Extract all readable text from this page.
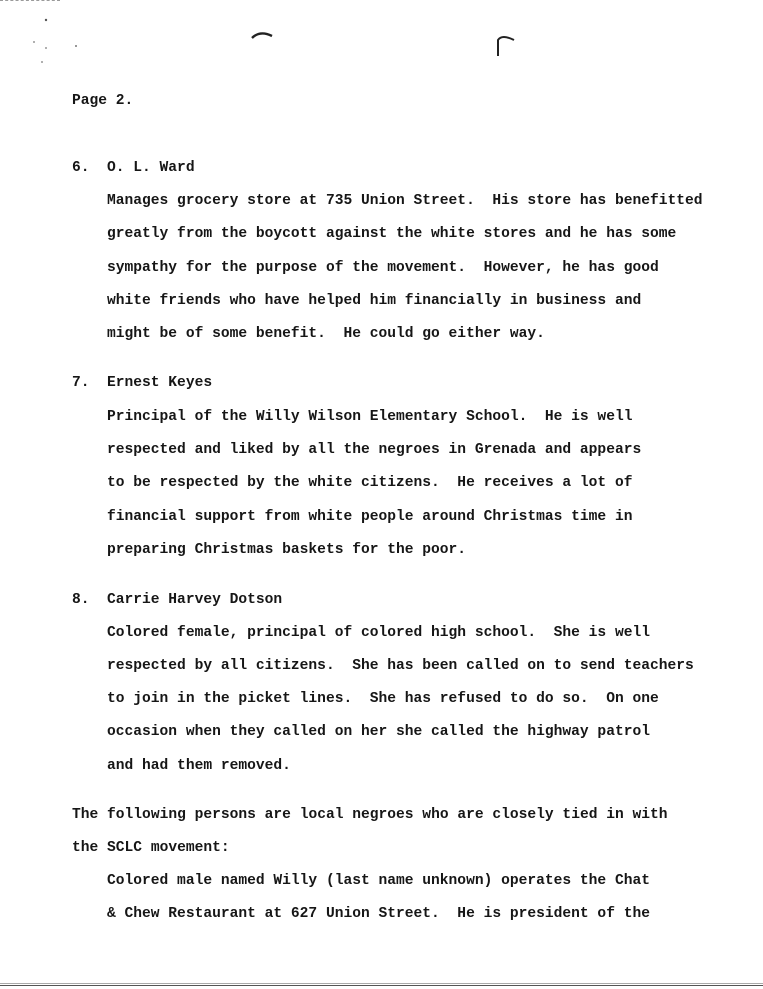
Page 2.
6. O. L. Ward
Manages grocery store at 735 Union Street.  His store has benefitted
greatly from the boycott against the white stores and he has some
sympathy for the purpose of the movement.  However, he has good
white friends who have helped him financially in business and
might be of some benefit.  He could go either way.
7. Ernest Keyes
Principal of the Willy Wilson Elementary School.  He is well
respected and liked by all the negroes in Grenada and appears
to be respected by the white citizens.  He receives a lot of
financial support from white people around Christmas time in
preparing Christmas baskets for the poor.
8. Carrie Harvey Dotson
Colored female, principal of colored high school.  She is well
respected by all citizens.  She has been called on to send teachers
to join in the picket lines.  She has refused to do so.  On one
occasion when they called on her she called the highway patrol
and had them removed.
The following persons are local negroes who are closely tied in with
the SCLC movement:
Colored male named Willy (last name unknown) operates the Chat
& Chew Restaurant at 627 Union Street.  He is president of the
